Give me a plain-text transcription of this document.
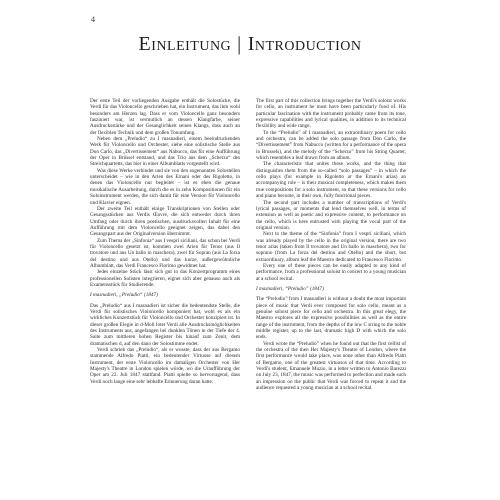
4
Einleitung | Introduction

Der erste Teil der vorliegenden Ausgabe enthält die Solostücke, die Verdi für das Violoncello geschrieben hat, ein Instrument, das ihm wohl besonders am Herzen lag. Dass er vom Violoncello ganz besonders fasziniert war, ist vermutlich an dessen Klangfarbe, seiner Ausdrucksstärke und der Gesanglichkeit seines Klangs, dass auch an der flexiblen Technik und dem großen Tonumfang.

Neben dem „Preludio“ zu I masnadieri, einem beeindruckenden Werk für Violoncello und Orchester, siehe eine solistische Stelle aus Don Carlo, das „Divertissement“ aus Nabucco, das für eine Aufführung der Oper in Brüssel entstand, und das Trio aus dem „Scherzo“ des Streichquartetts, das hier in einer Albumblatts vorgestellt wird.

Was diese Werke verbindet und sie von den sogenannten Solostellen unterscheidet – wie in den Arien des Ernani oder des Rigoletto, in denen das Violoncello nur begleitet – ist es eben die genaue musikalische Ausarbeitung, durch die es in zehn Kompositionen für ein Soloinstrument werden, die sich damit für eine Version für Violoncello und Klavier eignen.

Der zweite Teil enthält einige Transkriptionen von Stellen oder Gesangsstücken aus Verdis Œuvre, die sich entweder durch ihren Umfang oder durch ihren poetischen, ausdrucksvollen Inhalt für eine Aufführung mit dem Violoncello geeignet zeigen, das dabei den Gesangspart aus der Originalversion übernimmt.

Zum Thema der „Sinfonia“ aus I vespri siciliani, das schon bei Verdi für Violoncello gesetzt ist, kommen zwei Arien für Tenor (aus Il trovatore und aus Un ballo in maschera), zwei für Sopran (aus La forza del destino und aus Otello) und das kurze, außergewöhnliche Albumblatt, das Verdi Francesco Florimo gewidmet hat.

Jedes einzelne Stück lässt sich gut in das Konzertprogramm eines professionellen Solisten integrieren, eignet sich aber genauso auch als Examensstück für Studierende.

I masnadieri, „Preludio“ (1847)

Das „Preludio“ aus I masnadieri ist sicher die bedeutendste Stelle, die Verdi für solistisches Violoncello komponiert hat, wohl es als ein wirkliches Konzertstück für Violoncello und Orchester konzipiert ist. In dieser großen Elegie in d-Moll lotet Verdi alle Ausdrucksmöglichkeiten des Instruments aus, angefangen bei dunklen Tönen in der Tiefe der 4. Saite zum mittleren hohen Register bis hinauf zum Zenit, dem dramatischen d, auf den dann der Solostimme endet.

Verdi schrieb das „Preludio“, als er wusste, dass der aus Bergamo stammende Alfredo Piatti, ein bedeutender Virtuose auf diesem Instrument, der erste Violoncello im damaligen Orchester von Her Majesty's Theatre in London spielen würde, wo die Uraufführung der Oper am 22. Juli 1847 stattfand. Piatti spielte so hervorragend, dass Verdi noch lange eine sehr lebhafte Erinnerung daran hatte.

The first part of this collection brings together the Verdi's soloist works for cello, an instrument he must have been particularly fond of. His particular fascination with the instrument probably came from its tone, expressive capabilities and lyrical qualities, in addition to its technical flexibility and wide range.

To the “Preludio” of I masnadieri, an extraordinary poem for cello and orchestra, can be added the solo passage from Don Carlo, the “Divertissement” from Nabucco (written for a performance of the opera in Brussels), and the melody of the “Scherzo” from his String Quartet, which resembles a leaf drawn from an album.

The characteristic that unites these works, and the thing that distinguishes them from the so-called “solo passages” – in which the cello plays (for example in Rigoletto or the Ernani's arias) an accompanying role – is their musical completeness, which makes them true compositions for a solo instrument, so that these versions for cello and piano become, in their own, fully functional pieces.

The second part includes a number of transcriptions of Verdi's lyrical passages, or moments that lend themselves well, in terms of extension as well as poetic and expressive content, to performance on the cello, which is here entrusted with playing the vocal part of the original version.

Next to the theme of the “Sinfonia” from I vespri siciliani, which was already played by the cello in the original version, there are two tenor arias (taken from Il trovatore and Un ballo in maschera), two for soprano (from La forza del destino and Otello) and the short, but extraordinary, album leaf the Maestro dedicated to Francesco Florimo.

Every one of these pieces can be easily adapted to any kind of performance, from a professional soloist in concert to a young musician at a school recital.

I masnadieri, “Preludio” (1847)

The “Preludio” from I masnadieri is without a doubt the most important piece of music that Verdi ever composed for solo cello, meant as a genuine soloist piece for cello and orchestra. In this great elegy, the Maestro explores all the expressive possibilities as well as the entire range of the instrument, from the depths of the low C string to the noble middle register, up to the last, dramatic high D with which the solo ends.

Verdi wrote the “Preludio” when he found out that the first cellist of the orchestra of the then Her Majesty's Theatre of London, where the first performance would take place, was none other than Alfredo Piatti of Bergamo, one of the greatest virtuosos of that time. According to Verdi's student, Emanuele Muzio, in a letter written to Antonio Barezzi on July 23, 1847, the music was performed to perfection and made such an impression on the public that Verdi was forced to repeat it and the audience requested a young musician at a school recital.
